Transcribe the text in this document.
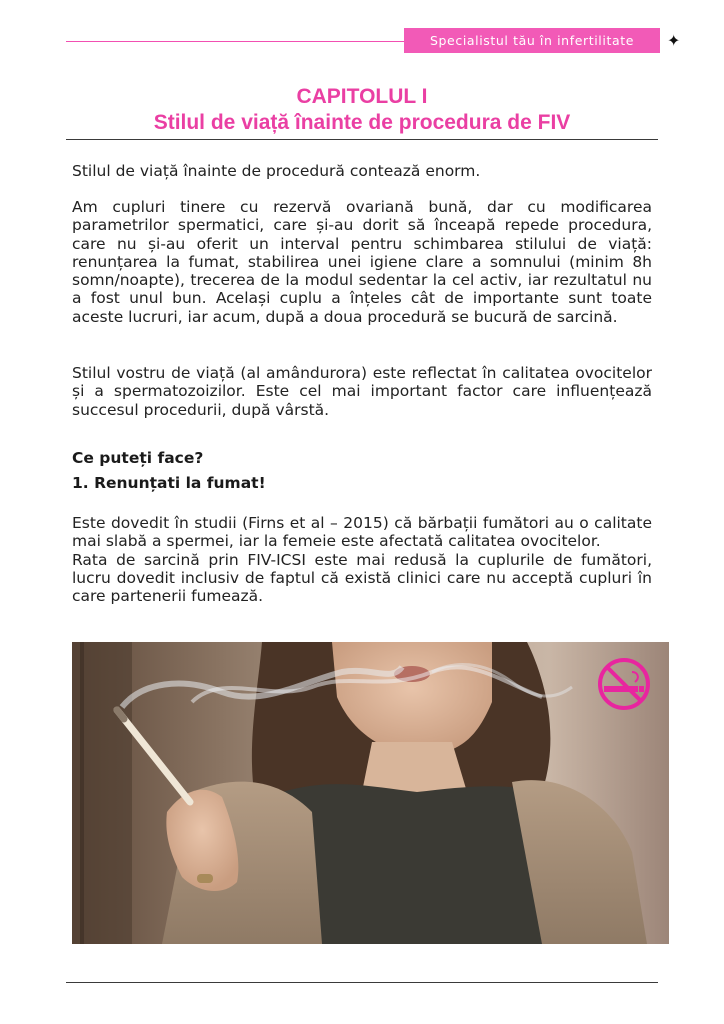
Specialistul tău în infertilitate	✦
CAPITOLUL I
Stilul de viață înainte de procedura de FIV

Stilul de viață înainte de procedură contează enorm.

Am cupluri tinere cu rezervă ovariană bună, dar cu modificarea parametrilor spermatici, care și-au dorit să înceapă repede procedura, care nu și-au oferit un interval pentru schimbarea stilului de viață: renunțarea la fumat, stabilirea unei igiene clare a somnului (minim 8h somn/noapte), trecerea de la modul sedentar la cel activ, iar rezultatul nu a fost unul bun. Același cuplu a înțeles cât de importante sunt toate aceste lucruri, iar acum, după a doua procedură se bucură de sarcină.

Stilul vostru de viață (al amândurora) este reflectat în calitatea ovocitelor și a spermatozoizilor. Este cel mai important factor care influențează succesul procedurii, după vârstă.

Ce puteți face?

1. Renunțati la fumat!

Este dovedit în studii (Firns et al – 2015) că bărbații fumători au o calitate mai slabă a spermei, iar la femeie este afectată calitatea ovocitelor.
Rata de sarcină prin FIV-ICSI este mai redusă la cuplurile de fumători, lucru dovedit inclusiv de faptul că există clinici care nu acceptă cupluri în care partenerii fumează.
